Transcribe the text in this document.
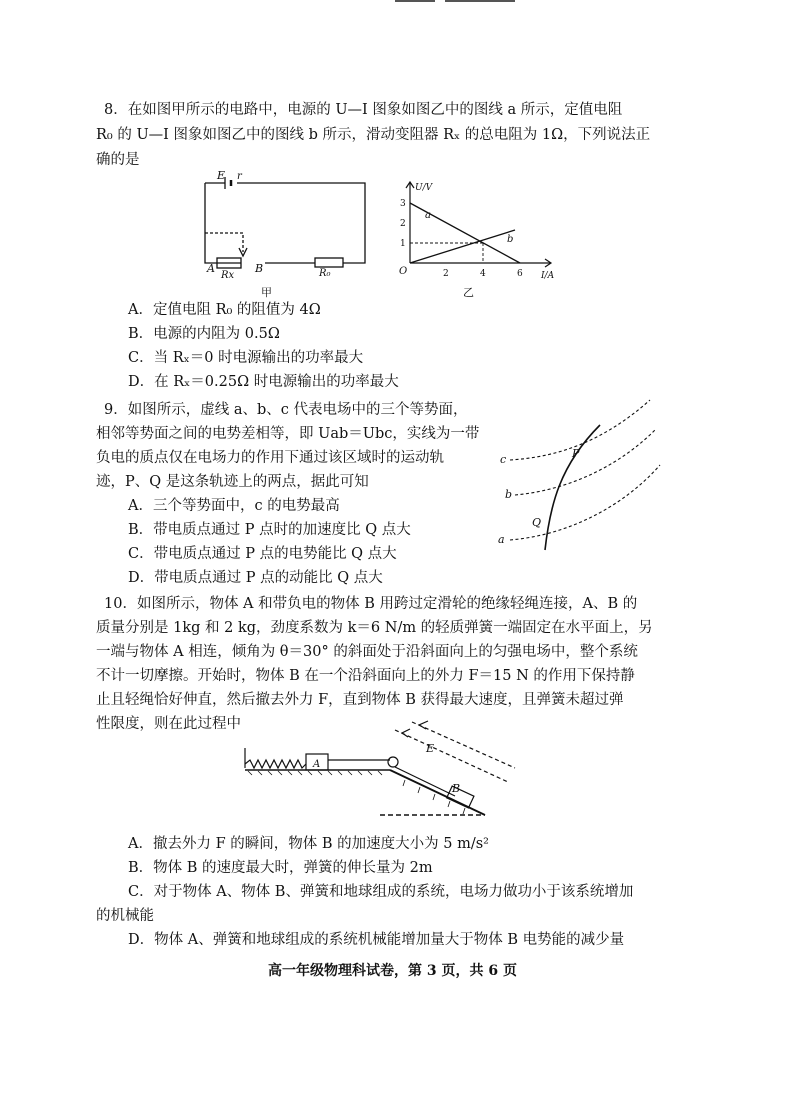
8．在如图甲所示的电路中，电源的 U—I 图象如图乙中的图线 a 所示，定值电阻
R₀ 的 U—I 图象如图乙中的图线 b 所示，滑动变阻器 Rₓ 的总电阻为 1Ω，下列说法正
确的是
E r
A	B
Rx	R₀
甲
U/V
I/A
O
3
2
1
2	4	6
a
b
乙
A．定值电阻 R₀ 的阻值为 4Ω
B．电源的内阻为 0.5Ω
C．当 Rₓ＝0 时电源输出的功率最大
D．在 Rₓ＝0.25Ω 时电源输出的功率最大
9．如图所示，虚线 a、b、c 代表电场中的三个等势面，
相邻等势面之间的电势差相等，即 Uab＝Ubc，实线为一带
负电的质点仅在电场力的作用下通过该区域时的运动轨
迹，P、Q 是这条轨迹上的两点，据此可知
A．三个等势面中，c 的电势最高
B．带电质点通过 P 点时的加速度比 Q 点大
C．带电质点通过 P 点的电势能比 Q 点大
D．带电质点通过 P 点的动能比 Q 点大
c
b
a
P
Q
10．如图所示，物体 A 和带负电的物体 B 用跨过定滑轮的绝缘轻绳连接，A、B 的
质量分别是 1kg 和 2 kg，劲度系数为 k＝6 N/m 的轻质弹簧一端固定在水平面上，另
一端与物体 A 相连，倾角为 θ＝30° 的斜面处于沿斜面向上的匀强电场中，整个系统
不计一切摩擦。开始时，物体 B 在一个沿斜面向上的外力 F＝15 N 的作用下保持静
止且轻绳恰好伸直，然后撤去外力 F，直到物体 B 获得最大速度，且弹簧未超过弹
性限度，则在此过程中
A
B
E
A．撤去外力 F 的瞬间，物体 B 的加速度大小为 5 m/s²
B．物体 B 的速度最大时，弹簧的伸长量为 2m
C．对于物体 A、物体 B、弹簧和地球组成的系统，电场力做功小于该系统增加
的机械能
D．物体 A、弹簧和地球组成的系统机械能增加量大于物体 B 电势能的减少量
高一年级物理科试卷，第 3 页，共 6 页
